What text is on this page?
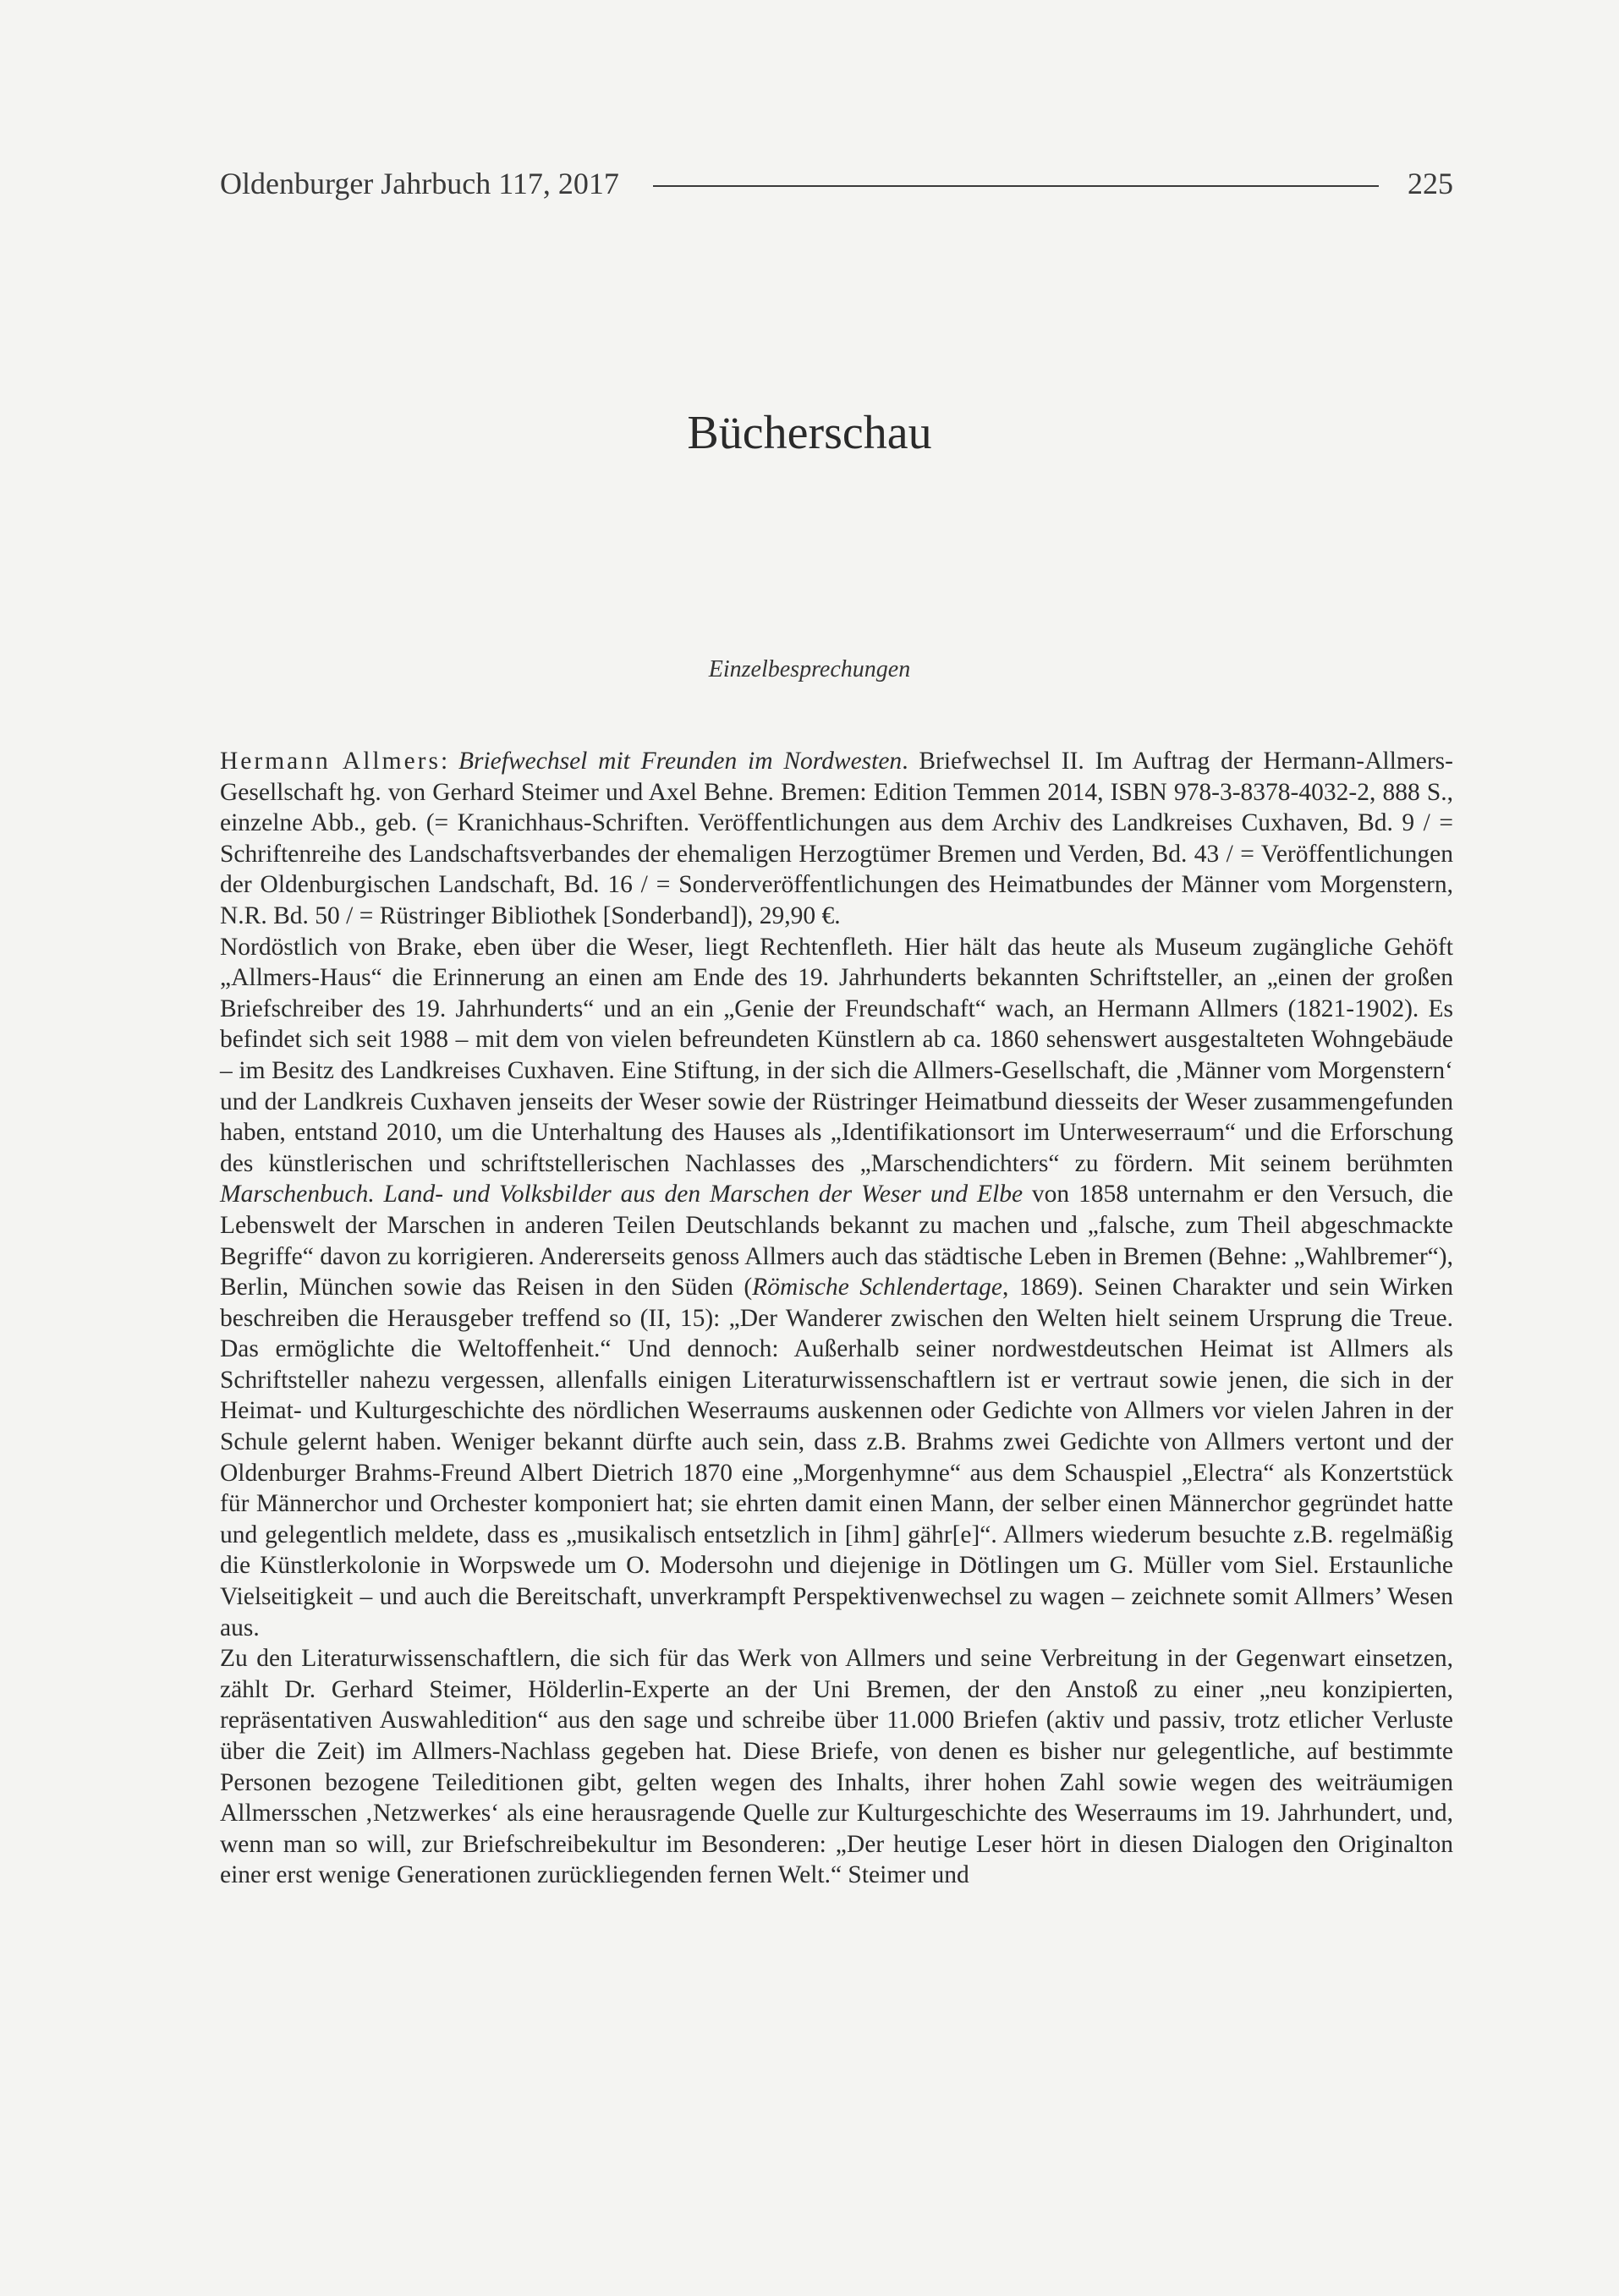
Oldenburger Jahrbuch 117, 2017	225
Bücherschau
Einzelbesprechungen

Hermann Allmers: Briefwechsel mit Freunden im Nordwesten. Briefwechsel II. Im Auftrag der Hermann-Allmers-Gesellschaft hg. von Gerhard Steimer und Axel Behne. Bremen: Edition Temmen 2014, ISBN 978-3-8378-4032-2, 888 S., einzelne Abb., geb. (= Kranichhaus-Schriften. Veröffentlichungen aus dem Archiv des Landkreises Cuxhaven, Bd. 9 / = Schriftenreihe des Landschaftsverbandes der ehemaligen Herzogtümer Bremen und Verden, Bd. 43 / = Veröffentlichungen der Oldenburgischen Landschaft, Bd. 16 / = Sonderveröffentlichungen des Heimatbundes der Männer vom Morgenstern, N.R. Bd. 50 / = Rüstringer Bibliothek [Sonderband]), 29,90 €.

Nordöstlich von Brake, eben über die Weser, liegt Rechtenfleth. Hier hält das heute als Museum zugängliche Gehöft „Allmers-Haus“ die Erinnerung an einen am Ende des 19. Jahrhunderts bekannten Schriftsteller, an „einen der großen Briefschreiber des 19. Jahrhunderts“ und an ein „Genie der Freundschaft“ wach, an Hermann Allmers (1821-1902). Es befindet sich seit 1988 – mit dem von vielen befreundeten Künstlern ab ca. 1860 sehenswert ausgestalteten Wohngebäude – im Besitz des Landkreises Cuxhaven. Eine Stiftung, in der sich die Allmers-Gesellschaft, die ‚Männer vom Morgenstern‘ und der Landkreis Cuxhaven jenseits der Weser sowie der Rüstringer Heimatbund diesseits der Weser zusammengefunden haben, entstand 2010, um die Unterhaltung des Hauses als „Identifikationsort im Unterweserraum“ und die Erforschung des künstlerischen und schriftstellerischen Nachlasses des „Marschendichters“ zu fördern. Mit seinem berühmten Marschenbuch. Land- und Volksbilder aus den Marschen der Weser und Elbe von 1858 unternahm er den Versuch, die Lebenswelt der Marschen in anderen Teilen Deutschlands bekannt zu machen und „falsche, zum Theil abgeschmackte Begriffe“ davon zu korrigieren. Andererseits genoss Allmers auch das städtische Leben in Bremen (Behne: „Wahlbremer“), Berlin, München sowie das Reisen in den Süden (Römische Schlendertage, 1869). Seinen Charakter und sein Wirken beschreiben die Herausgeber treffend so (II, 15): „Der Wanderer zwischen den Welten hielt seinem Ursprung die Treue. Das ermöglichte die Weltoffenheit.“ Und dennoch: Außerhalb seiner nordwestdeutschen Heimat ist Allmers als Schriftsteller nahezu vergessen, allenfalls einigen Literaturwissenschaftlern ist er vertraut sowie jenen, die sich in der Heimat- und Kulturgeschichte des nördlichen Weserraums auskennen oder Gedichte von Allmers vor vielen Jahren in der Schule gelernt haben. Weniger bekannt dürfte auch sein, dass z.B. Brahms zwei Gedichte von Allmers vertont und der Oldenburger Brahms-Freund Albert Dietrich 1870 eine „Morgenhymne“ aus dem Schauspiel „Electra“ als Konzertstück für Männerchor und Orchester komponiert hat; sie ehrten damit einen Mann, der selber einen Männerchor gegründet hatte und gelegentlich meldete, dass es „musikalisch entsetzlich in [ihm] gähr[e]“. Allmers wiederum besuchte z.B. regelmäßig die Künstlerkolonie in Worpswede um O. Modersohn und diejenige in Dötlingen um G. Müller vom Siel. Erstaunliche Vielseitigkeit – und auch die Bereitschaft, unverkrampft Perspektivenwechsel zu wagen – zeichnete somit Allmers’ Wesen aus.

Zu den Literaturwissenschaftlern, die sich für das Werk von Allmers und seine Verbreitung in der Gegenwart einsetzen, zählt Dr. Gerhard Steimer, Hölderlin-Experte an der Uni Bremen, der den Anstoß zu einer „neu konzipierten, repräsentativen Auswahledition“ aus den sage und schreibe über 11.000 Briefen (aktiv und passiv, trotz etlicher Verluste über die Zeit) im Allmers-Nachlass gegeben hat. Diese Briefe, von denen es bisher nur gelegentliche, auf bestimmte Personen bezogene Teileditionen gibt, gelten wegen des Inhalts, ihrer hohen Zahl sowie wegen des weiträumigen Allmersschen ‚Netzwerkes‘ als eine herausragende Quelle zur Kulturgeschichte des Weserraums im 19. Jahrhundert, und, wenn man so will, zur Briefschreibekultur im Besonderen: „Der heutige Leser hört in diesen Dialogen den Originalton einer erst wenige Generationen zurückliegenden fernen Welt.“ Steimer und
